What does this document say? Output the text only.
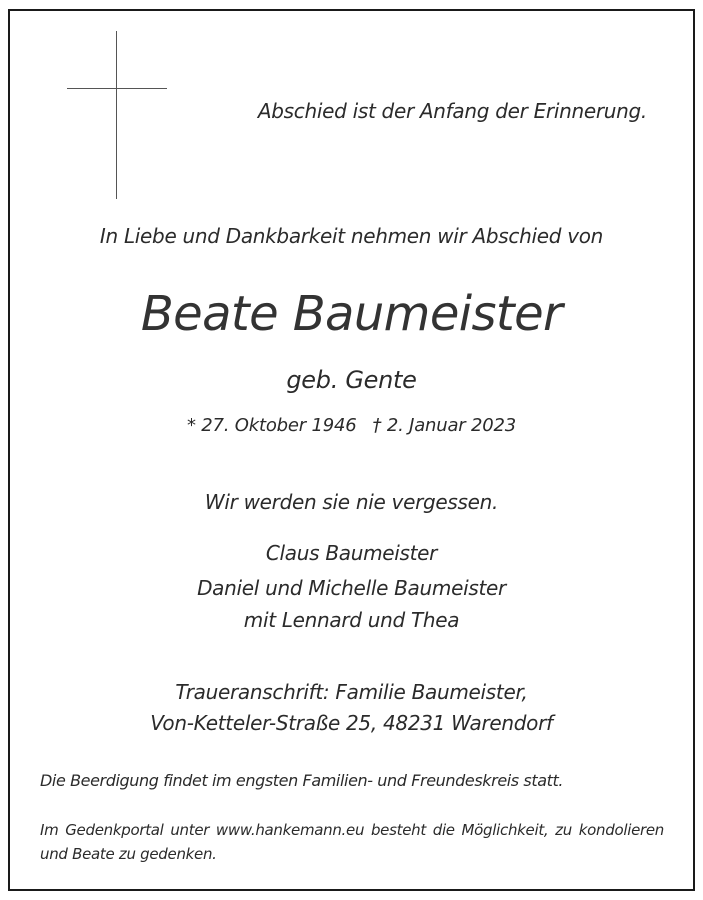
Abschied ist der Anfang der Erinnerung.
In Liebe und Dankbarkeit nehmen wir Abschied von
Beate Baumeister
geb. Gente
* 27. Oktober 1946 † 2. Januar 2023
Wir werden sie nie vergessen.
Claus Baumeister
Daniel und Michelle Baumeister
mit Lennard und Thea
Traueranschrift: Familie Baumeister,
Von-Ketteler-Straße 25, 48231 Warendorf
Die Beerdigung findet im engsten Familien- und Freundeskreis statt.
Im Gedenkportal unter www.hankemann.eu besteht die Möglichkeit, zu kondolieren und Beate zu gedenken.
